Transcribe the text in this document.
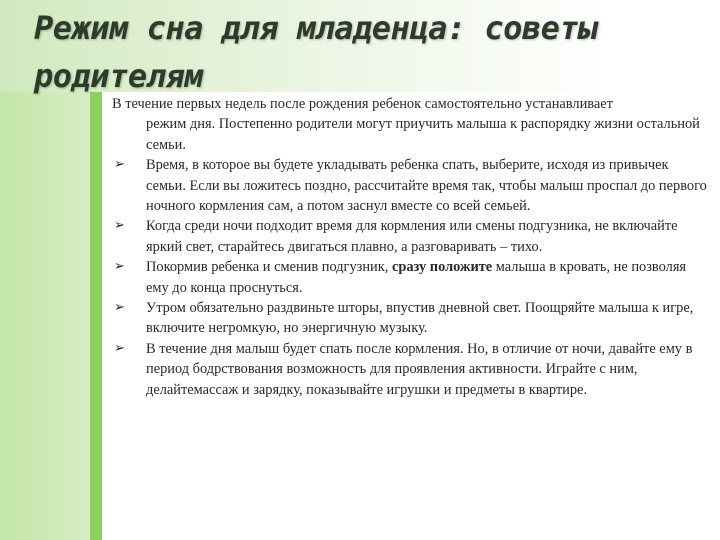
Режим сна для младенца: советы родителям

В течение первых недель после рождения ребенок самостоятельно устанавливает
режим дня. Постепенно родители могут приучить малыша к распорядку жизни остальной семьи.

➢ Время, в которое вы будете укладывать ребенка спать, выберите, исходя из привычек семьи. Если вы ложитесь поздно, рассчитайте время так, чтобы малыш проспал до первого ночного кормления сам, а потом заснул вместе со всей семьей.
➢ Когда среди ночи подходит время для кормления или смены подгузника, не включайте яркий свет, старайтесь двигаться плавно, а разговаривать – тихо.
➢ Покормив ребенка и сменив подгузник, сразу положите малыша в кровать, не позволяя ему до конца проснуться.
➢ Утром обязательно раздвиньте шторы, впустив дневной свет. Поощряйте малыша к игре, включите негромкую, но энергичную музыку.
➢ В течение дня малыш будет спать после кормления. Но, в отличие от ночи, давайте ему в период бодрствования возможность для проявления активности. Играйте с ним, делайтемассаж и зарядку, показывайте игрушки и предметы в квартире.
